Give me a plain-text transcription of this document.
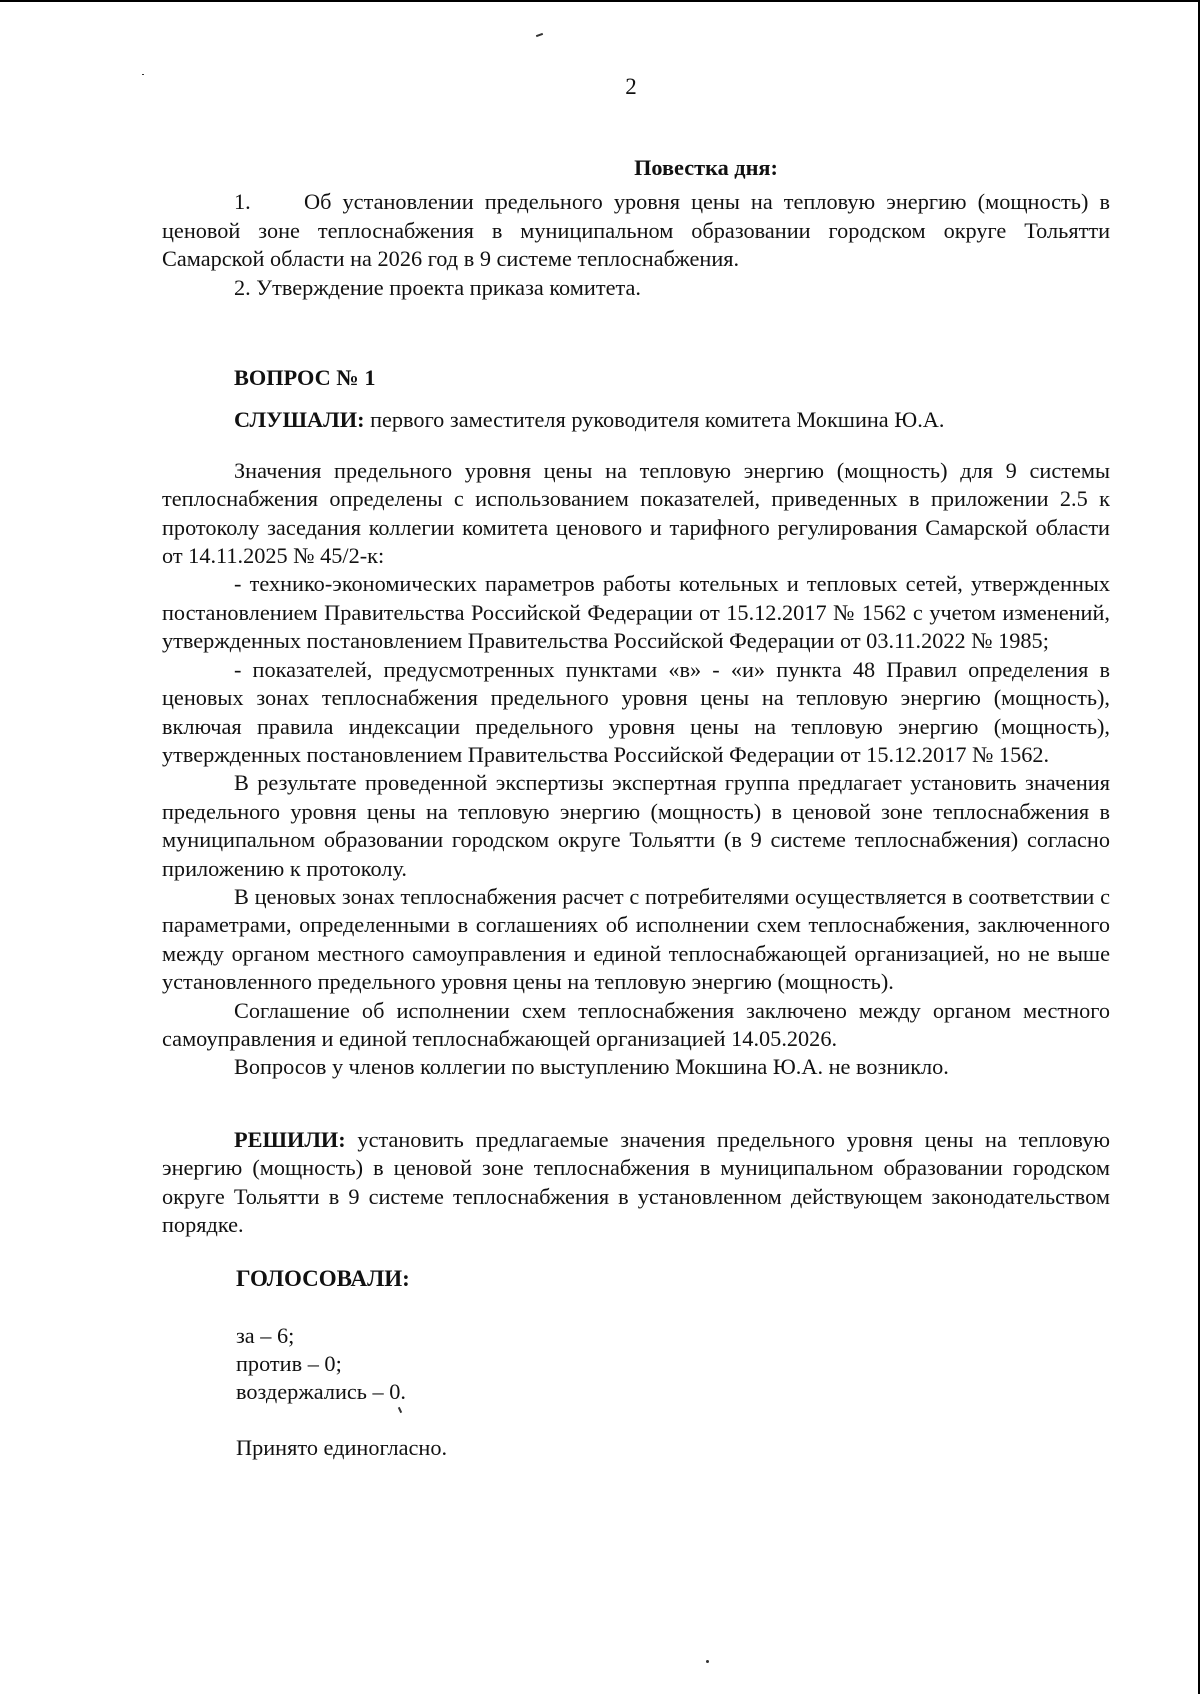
2

Повестка дня:

1. Об установлении предельного уровня цены на тепловую энергию (мощность) в ценовой зоне теплоснабжения в муниципальном образовании городском округе Тольятти Самарской области на 2026 год в 9 системе теплоснабжения.

2. Утверждение проекта приказа комитета.

ВОПРОС № 1

СЛУШАЛИ: первого заместителя руководителя комитета Мокшина Ю.А.

Значения предельного уровня цены на тепловую энергию (мощность) для 9 системы теплоснабжения определены с использованием показателей, приведенных в приложении 2.5 к протоколу заседания коллегии комитета ценового и тарифного регулирования Самарской области от 14.11.2025 № 45/2-к:

- технико-экономических параметров работы котельных и тепловых сетей, утвержденных постановлением Правительства Российской Федерации от 15.12.2017 № 1562 с учетом изменений, утвержденных постановлением Правительства Российской Федерации от 03.11.2022 № 1985;

- показателей, предусмотренных пунктами «в» - «и» пункта 48 Правил определения в ценовых зонах теплоснабжения предельного уровня цены на тепловую энергию (мощность), включая правила индексации предельного уровня цены на тепловую энергию (мощность), утвержденных постановлением Правительства Российской Федерации от 15.12.2017 № 1562.

В результате проведенной экспертизы экспертная группа предлагает установить значения предельного уровня цены на тепловую энергию (мощность) в ценовой зоне теплоснабжения в муниципальном образовании городском округе Тольятти (в 9 системе теплоснабжения) согласно приложению к протоколу.

В ценовых зонах теплоснабжения расчет с потребителями осуществляется в соответствии с параметрами, определенными в соглашениях об исполнении схем теплоснабжения, заключенного между органом местного самоуправления и единой теплоснабжающей организацией, но не выше установленного предельного уровня цены на тепловую энергию (мощность).

Соглашение об исполнении схем теплоснабжения заключено между органом местного самоуправления и единой теплоснабжающей организацией 14.05.2026.

Вопросов у членов коллегии по выступлению Мокшина Ю.А. не возникло.

РЕШИЛИ: установить предлагаемые значения предельного уровня цены на тепловую энергию (мощность) в ценовой зоне теплоснабжения в муниципальном образовании городском округе Тольятти в 9 системе теплоснабжения в установленном действующем законодательством порядке.

ГОЛОСОВАЛИ:

за – 6;

против – 0;

воздержались – 0.

Принято единогласно.
